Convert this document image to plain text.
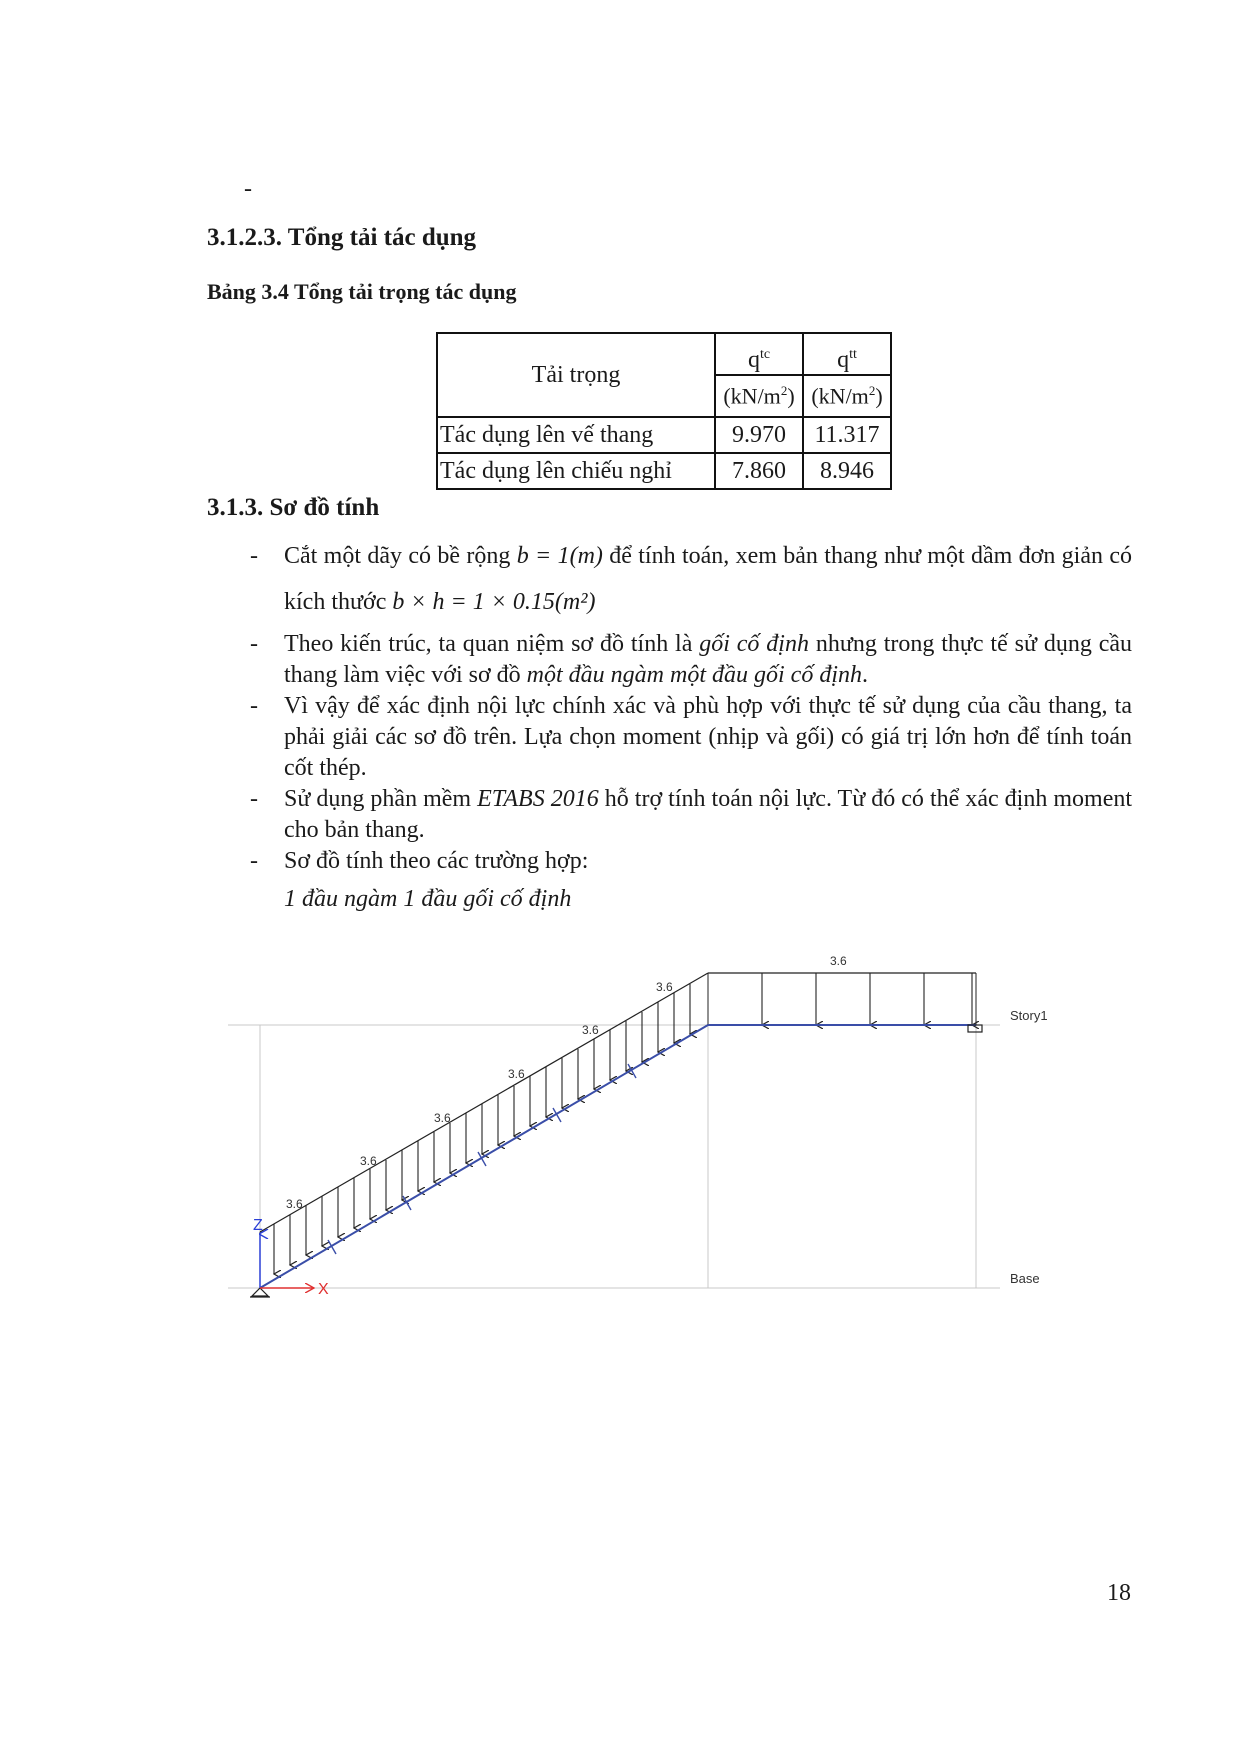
-
3.1.2.3. Tổng tải tác dụng
Bảng 3.4 Tổng tải trọng tác dụng
Tải trọng	$q^{tc}$	$q^{tt}$
	$(kN/m^2)$	$(kN/m^2)$
Tác dụng lên vế thang	9.970	11.317
Tác dụng lên chiếu nghỉ	7.860	8.946
3.1.3. Sơ đồ tính
- Cắt một dãy có bề rộng b = 1(m) để tính toán, xem bản thang như một dầm đơn giản có kích thước b × h = 1 × 0.15(m²)
- Theo kiến trúc, ta quan niệm sơ đồ tính là gối cố định nhưng trong thực tế sử dụng cầu thang làm việc với sơ đồ một đầu ngàm một đầu gối cố định.
- Vì vậy để xác định nội lực chính xác và phù hợp với thực tế sử dụng của cầu thang, ta phải giải các sơ đồ trên. Lựa chọn moment (nhịp và gối) có giá trị lớn hơn để tính toán cốt thép.
- Sử dụng phần mềm ETABS 2016 hỗ trợ tính toán nội lực. Từ đó có thể xác định moment cho bản thang.
- Sơ đồ tính theo các trường hợp:
1 đầu ngàm 1 đầu gối cố định
Z
X
Story1
Base
3.6
3.6
3.6
3.6
3.6
3.6
3.6
18
